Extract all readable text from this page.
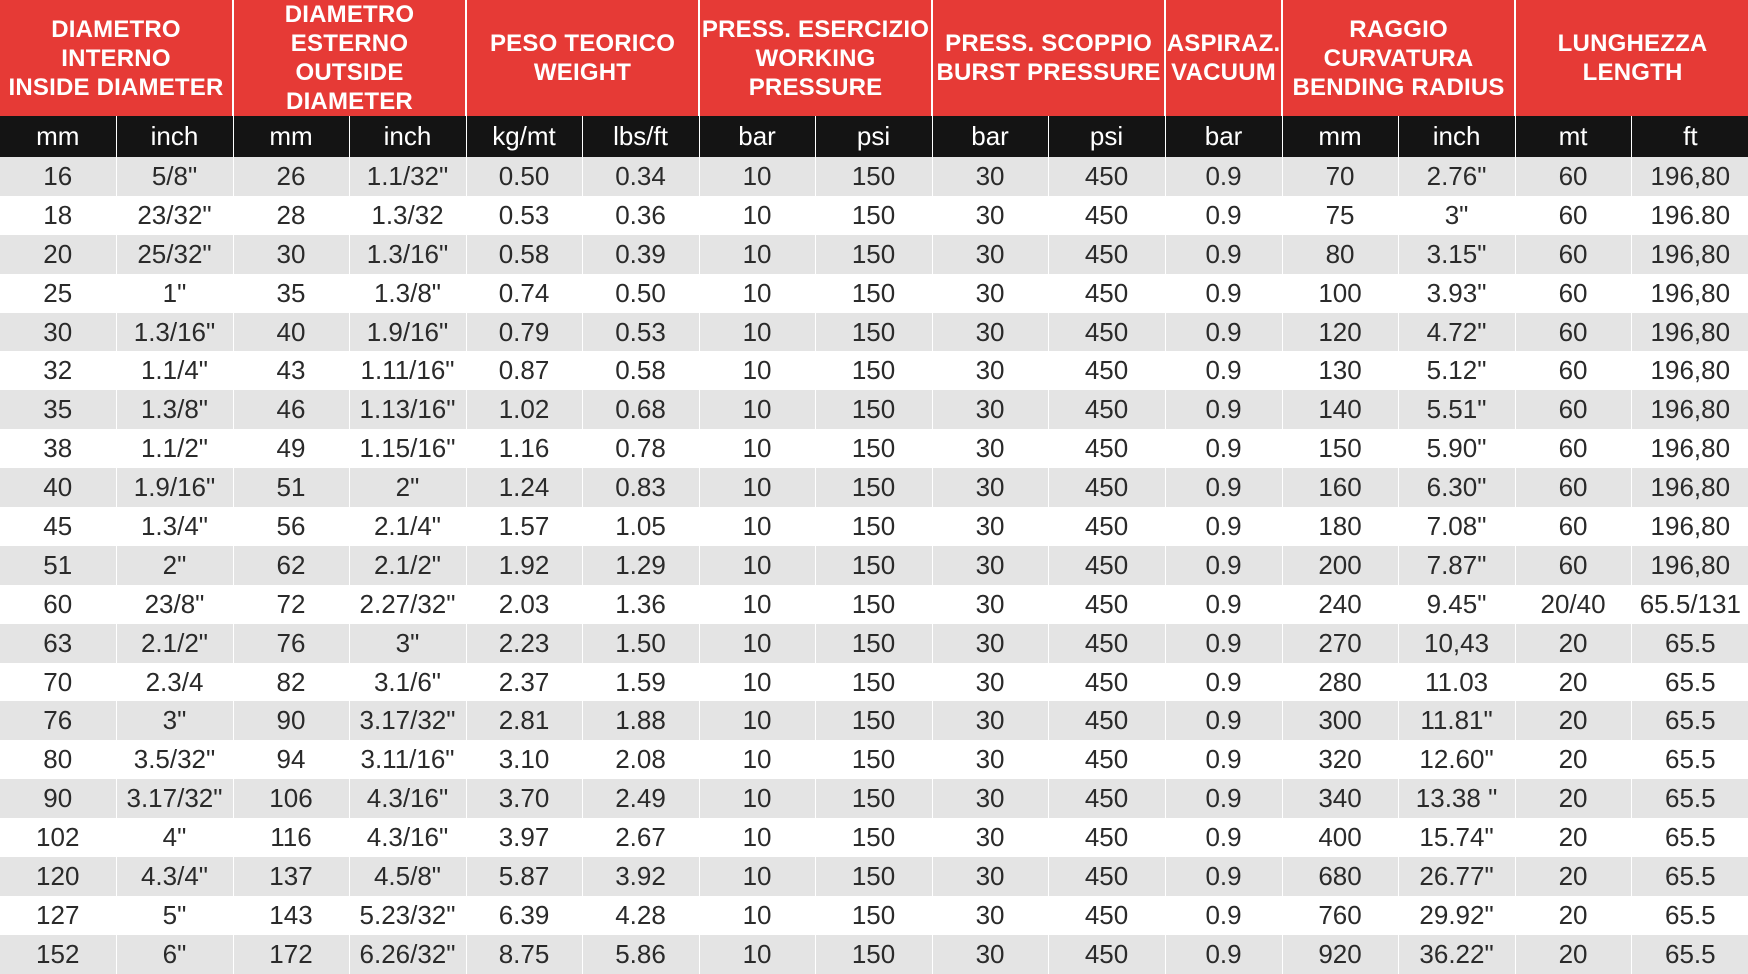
DIAMETRO INTERNO
INSIDE DIAMETER		DIAMETRO ESTERNO
OUTSIDE DIAMETER		PESO TEORICO
WEIGHT		PRESS. ESERCIZIO
WORKING PRESSURE		PRESS. SCOPPIO
BURST PRESSURE		ASPIRAZ.
VACUUM	RAGGIO CURVATURA
BENDING RADIUS		LUNGHEZZA
LENGTH	

mm	inch	mm	inch	kg/mt	lbs/ft	bar	psi	bar	psi	bar	mm	inch	mt	ft
16	5/8"	26	1.1/32"	0.50	0.34	10	150	30	450	0.9	70	2.76"	60	196,80
18	23/32"	28	1.3/32	0.53	0.36	10	150	30	450	0.9	75	3"	60	196.80
20	25/32"	30	1.3/16"	0.58	0.39	10	150	30	450	0.9	80	3.15"	60	196,80
25	1"	35	1.3/8"	0.74	0.50	10	150	30	450	0.9	100	3.93"	60	196,80
30	1.3/16"	40	1.9/16"	0.79	0.53	10	150	30	450	0.9	120	4.72"	60	196,80
32	1.1/4"	43	1.11/16"	0.87	0.58	10	150	30	450	0.9	130	5.12"	60	196,80
35	1.3/8"	46	1.13/16"	1.02	0.68	10	150	30	450	0.9	140	5.51"	60	196,80
38	1.1/2"	49	1.15/16"	1.16	0.78	10	150	30	450	0.9	150	5.90"	60	196,80
40	1.9/16"	51	2"	1.24	0.83	10	150	30	450	0.9	160	6.30"	60	196,80
45	1.3/4"	56	2.1/4"	1.57	1.05	10	150	30	450	0.9	180	7.08"	60	196,80
51	2"	62	2.1/2"	1.92	1.29	10	150	30	450	0.9	200	7.87"	60	196,80
60	23/8"	72	2.27/32"	2.03	1.36	10	150	30	450	0.9	240	9.45"	20/40	65.5/131
63	2.1/2"	76	3"	2.23	1.50	10	150	30	450	0.9	270	10,43	20	65.5
70	2.3/4	82	3.1/6"	2.37	1.59	10	150	30	450	0.9	280	11.03	20	65.5
76	3"	90	3.17/32"	2.81	1.88	10	150	30	450	0.9	300	11.81"	20	65.5
80	3.5/32"	94	3.11/16"	3.10	2.08	10	150	30	450	0.9	320	12.60"	20	65.5
90	3.17/32"	106	4.3/16"	3.70	2.49	10	150	30	450	0.9	340	13.38 "	20	65.5
102	4"	116	4.3/16"	3.97	2.67	10	150	30	450	0.9	400	15.74"	20	65.5
120	4.3/4"	137	4.5/8"	5.87	3.92	10	150	30	450	0.9	680	26.77"	20	65.5
127	5"	143	5.23/32"	6.39	4.28	10	150	30	450	0.9	760	29.92"	20	65.5
152	6"	172	6.26/32"	8.75	5.86	10	150	30	450	0.9	920	36.22"	20	65.5
